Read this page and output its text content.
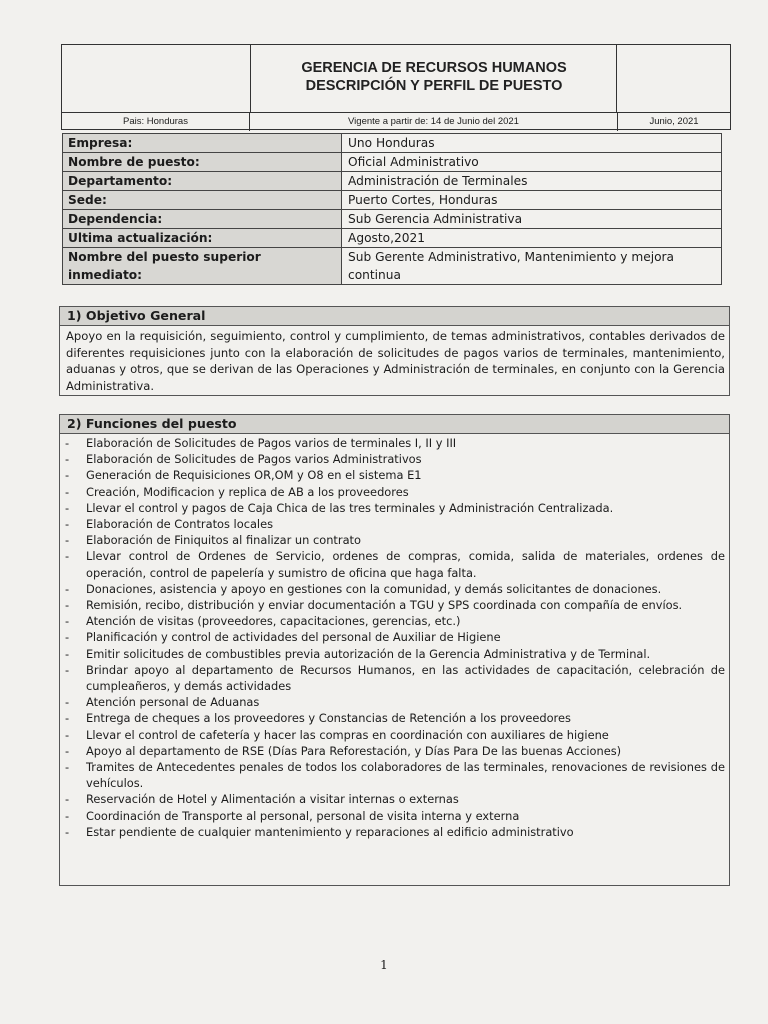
GERENCIA DE RECURSOS HUMANOS
DESCRIPCIÓN Y PERFIL DE PUESTO
Pais: Honduras	Vigente a partir de: 14 de Junio del 2021	Junio, 2021
Empresa:	Uno Honduras
Nombre de puesto:	Oficial Administrativo
Departamento:	Administración de Terminales
Sede:	Puerto Cortes, Honduras
Dependencia:	Sub Gerencia Administrativa
Ultima actualización:	Agosto,2021
Nombre del puesto superior inmediato:	Sub Gerente Administrativo, Mantenimiento y mejora continua
1) Objetivo General
Apoyo en la requisición, seguimiento, control y cumplimiento, de temas administrativos, contables derivados de diferentes requisiciones junto con la elaboración de solicitudes de pagos varios de terminales, mantenimiento, aduanas y otros, que se derivan de las Operaciones y Administración de terminales, en conjunto con la Gerencia Administrativa.
2) Funciones del puesto
- Elaboración de Solicitudes de Pagos varios de terminales I, II y III
- Elaboración de Solicitudes de Pagos varios Administrativos
- Generación de Requisiciones OR,OM y O8 en el sistema E1
- Creación, Modificacion y replica de AB a los proveedores
- Llevar el control y pagos de Caja Chica de las tres terminales y Administración Centralizada.
- Elaboración de Contratos locales
- Elaboración de Finiquitos al finalizar un contrato
- Llevar control de Ordenes de Servicio, ordenes de compras, comida, salida de materiales, ordenes de operación, control de papelería y sumistro de oficina que haga falta.
- Donaciones, asistencia y apoyo en gestiones con la comunidad, y demás solicitantes de donaciones.
- Remisión, recibo, distribución y enviar documentación a TGU y SPS coordinada con compañía de envíos.
- Atención de visitas (proveedores, capacitaciones, gerencias, etc.)
- Planificación y control de actividades del personal de Auxiliar de Higiene
- Emitir solicitudes de combustibles previa autorización de la Gerencia Administrativa y de Terminal.
- Brindar apoyo al departamento de Recursos Humanos, en las actividades de capacitación, celebración de cumpleañeros, y demás actividades
- Atención personal de Aduanas
- Entrega de cheques a los proveedores y Constancias de Retención a los proveedores
- Llevar el control de cafetería y hacer las compras en coordinación con auxiliares de higiene
- Apoyo al departamento de RSE (Días Para Reforestación, y Días Para De las buenas Acciones)
- Tramites de Antecedentes penales de todos los colaboradores de las terminales, renovaciones de revisiones de vehículos.
- Reservación de Hotel y Alimentación a visitar internas o externas
- Coordinación de Transporte al personal, personal de visita interna y externa
- Estar pendiente de cualquier mantenimiento y reparaciones al edificio administrativo
1
